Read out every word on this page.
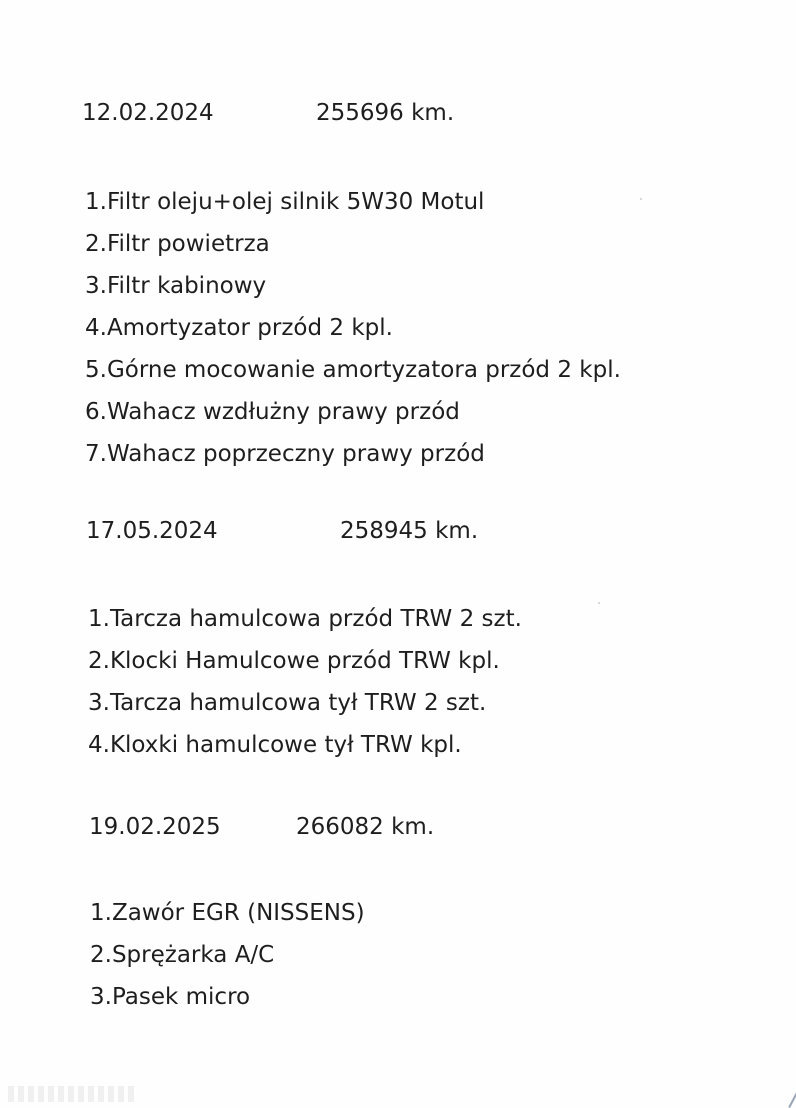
12.02.2024	255696 km.
1.Filtr oleju+olej silnik 5W30 Motul
2.Filtr powietrza
3.Filtr kabinowy
4.Amortyzator przód 2 kpl.
5.Górne mocowanie amortyzatora przód 2 kpl.
6.Wahacz wzdłużny prawy przód
7.Wahacz poprzeczny prawy przód
17.05.2024	258945 km.
1.Tarcza hamulcowa przód TRW 2 szt.
2.Klocki Hamulcowe przód TRW kpl.
3.Tarcza hamulcowa tył TRW 2 szt.
4.Kloxki hamulcowe tył TRW kpl.
19.02.2025	266082 km.
1.Zawór EGR (NISSENS)
2.Sprężarka A/C
3.Pasek micro
